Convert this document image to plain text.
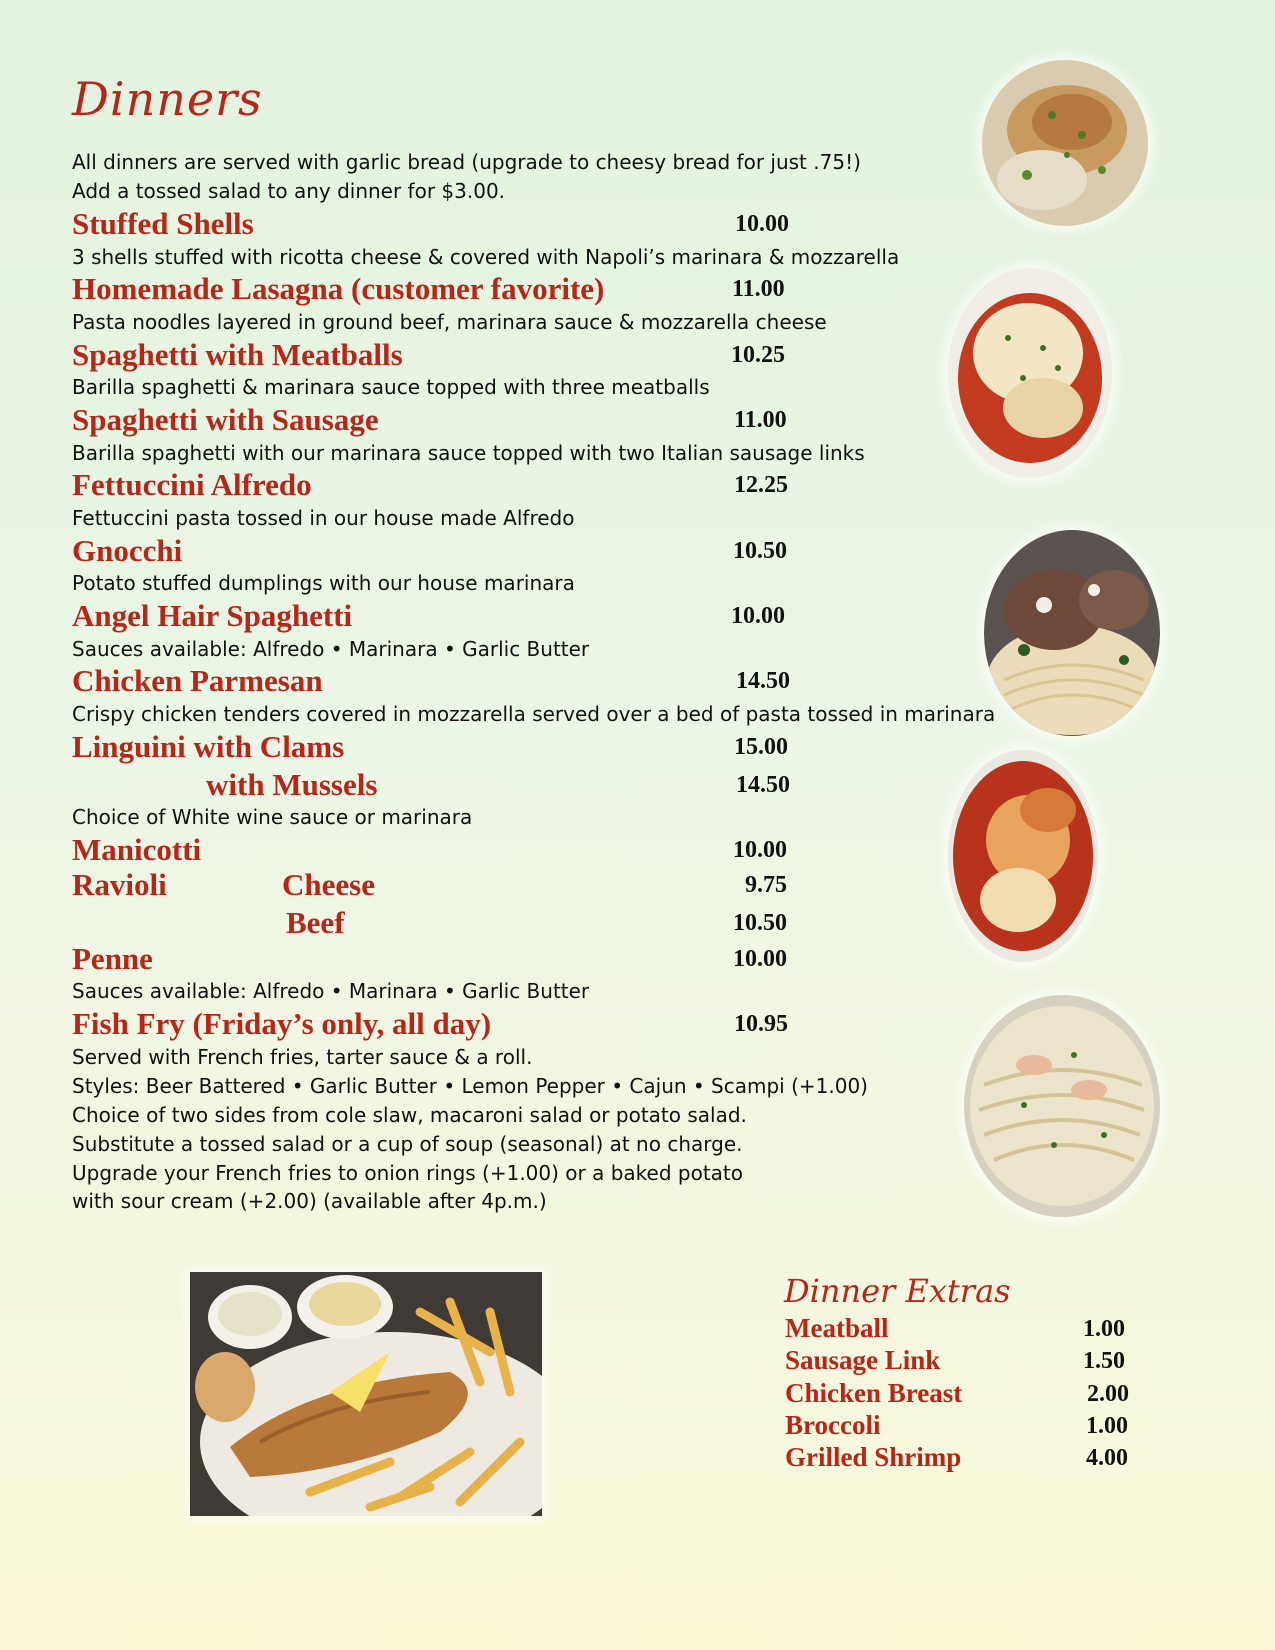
Dinners
All dinners are served with garlic bread (upgrade to cheesy bread for just .75!)
Add a tossed salad to any dinner for $3.00.
Stuffed Shells	10.00
3 shells stuffed with ricotta cheese & covered with Napoli’s marinara & mozzarella
Homemade Lasagna (customer favorite)	11.00
Pasta noodles layered in ground beef, marinara sauce & mozzarella cheese
Spaghetti with Meatballs	10.25
Barilla spaghetti & marinara sauce topped with three meatballs
Spaghetti with Sausage	11.00
Barilla spaghetti with our marinara sauce topped with two Italian sausage links
Fettuccini Alfredo	12.25
Fettuccini pasta tossed in our house made Alfredo
Gnocchi	10.50
Potato stuffed dumplings with our house marinara
Angel Hair Spaghetti	10.00
Sauces available: Alfredo • Marinara • Garlic Butter
Chicken Parmesan	14.50
Crispy chicken tenders covered in mozzarella served over a bed of pasta tossed in marinara
Linguini with Clams	15.00
with Mussels	14.50
Choice of White wine sauce or marinara
Manicotti	10.00
Ravioli	Cheese	9.75
Beef	10.50
Penne	10.00
Sauces available: Alfredo • Marinara • Garlic Butter
Fish Fry (Friday’s only, all day)	10.95
Served with French fries, tarter sauce & a roll.
Styles: Beer Battered • Garlic Butter • Lemon Pepper • Cajun • Scampi (+1.00)
Choice of two sides from cole slaw, macaroni salad or potato salad.
Substitute a tossed salad or a cup of soup (seasonal) at no charge.
Upgrade your French fries to onion rings (+1.00) or a baked potato
with sour cream (+2.00) (available after 4p.m.)
Dinner Extras
Meatball	1.00
Sausage Link	1.50
Chicken Breast	2.00
Broccoli	1.00
Grilled Shrimp	4.00
